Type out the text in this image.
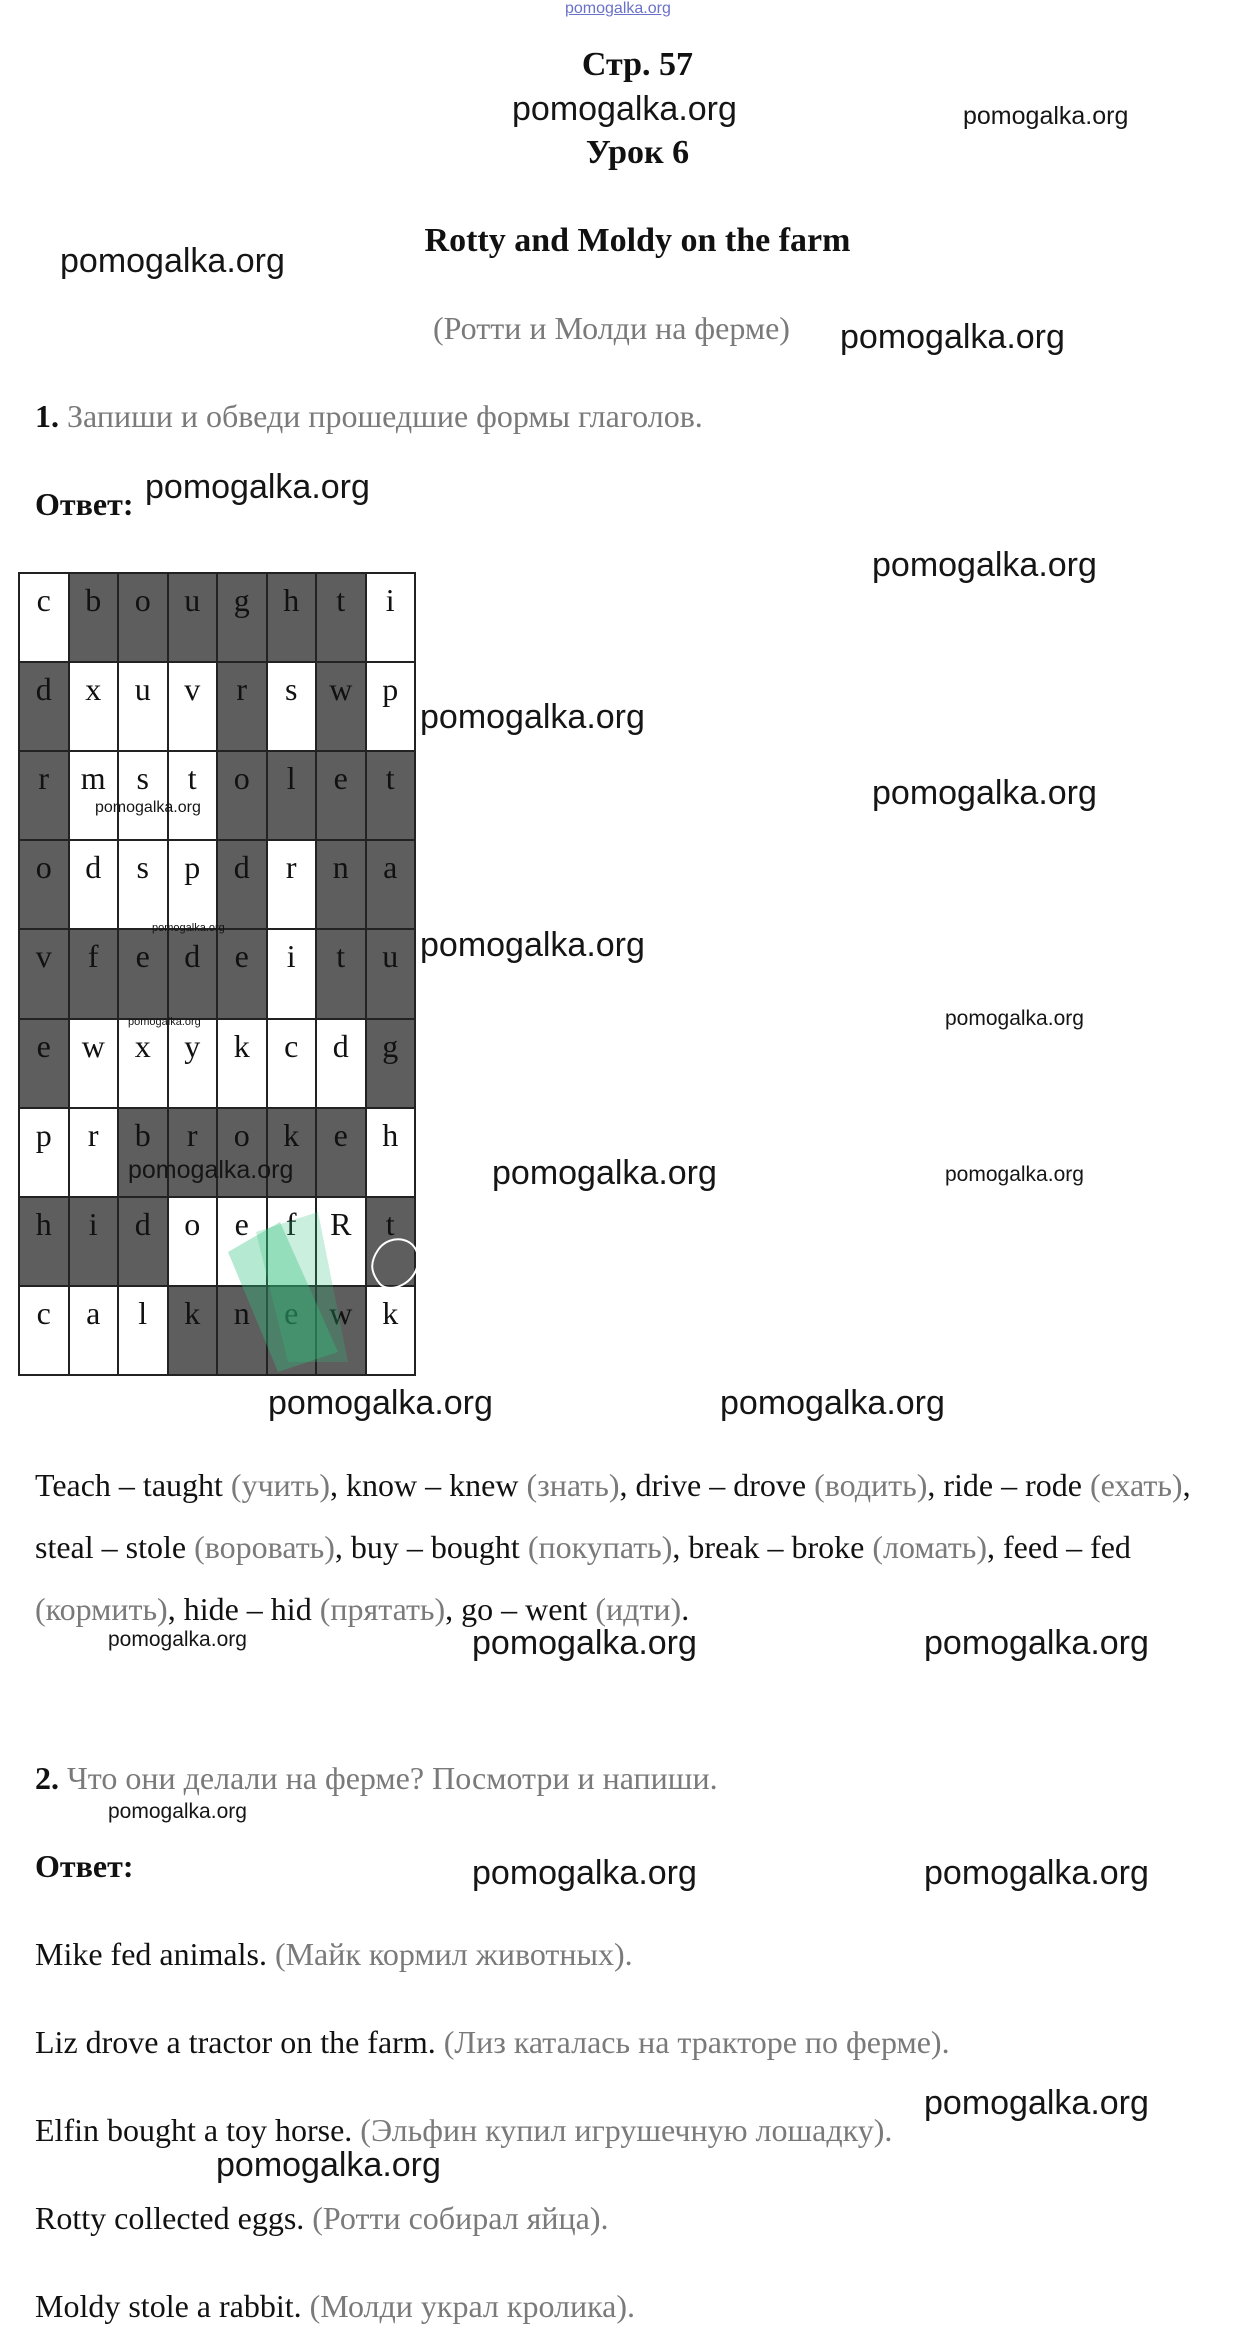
pomogalka.org
Стр. 57
Урок 6
Rotty and Moldy on the farm
(Ротти и Молди на ферме)
1. Запиши и обведи прошедшие формы глаголов.
Ответ:
c	b	o	u	g	h	t	i
d	x	u	v	r	s	w	p
r	m	s	t	o	l	e	t
o	d	s	p	d	r	n	a
v	f	e	d	e	i	t	u
e	w	x	y	k	c	d	g
p	r	b	r	o	k	e	h
h	i	d	o	e	f	R	t
c	a	l	k	n	e	w	k
Teach – taught (учить), know – knew (знать), drive – drove (водить), ride – rode (ехать), steal – stole (воровать), buy – bought (покупать), break – broke (ломать), feed – fed (кормить), hide – hid (прятать), go – went (идти).
2. Что они делали на ферме? Посмотри и напиши.
Ответ:
Mike fed animals. (Майк кормил животных).
Liz drove a tractor on the farm. (Лиз каталась на тракторе по ферме).
Elfin bought a toy horse. (Эльфин купил игрушечную лошадку).
Rotty collected eggs. (Ротти собирал яйца).
Moldy stole a rabbit. (Молди украл кролика).
pomogalka.org	pomogalka.org
pomogalka.org
pomogalka.org
pomogalka.org
pomogalka.org
pomogalka.org
pomogalka.org
pomogalka.org
pomogalka.org
pomogalka.org
pomogalka.org
pomogalka.org
pomogalka.org	pomogalka.org	pomogalka.org
pomogalka.org	pomogalka.org
pomogalka.org	pomogalka.org	pomogalka.org
pomogalka.org
pomogalka.org	pomogalka.org
pomogalka.org
pomogalka.org
